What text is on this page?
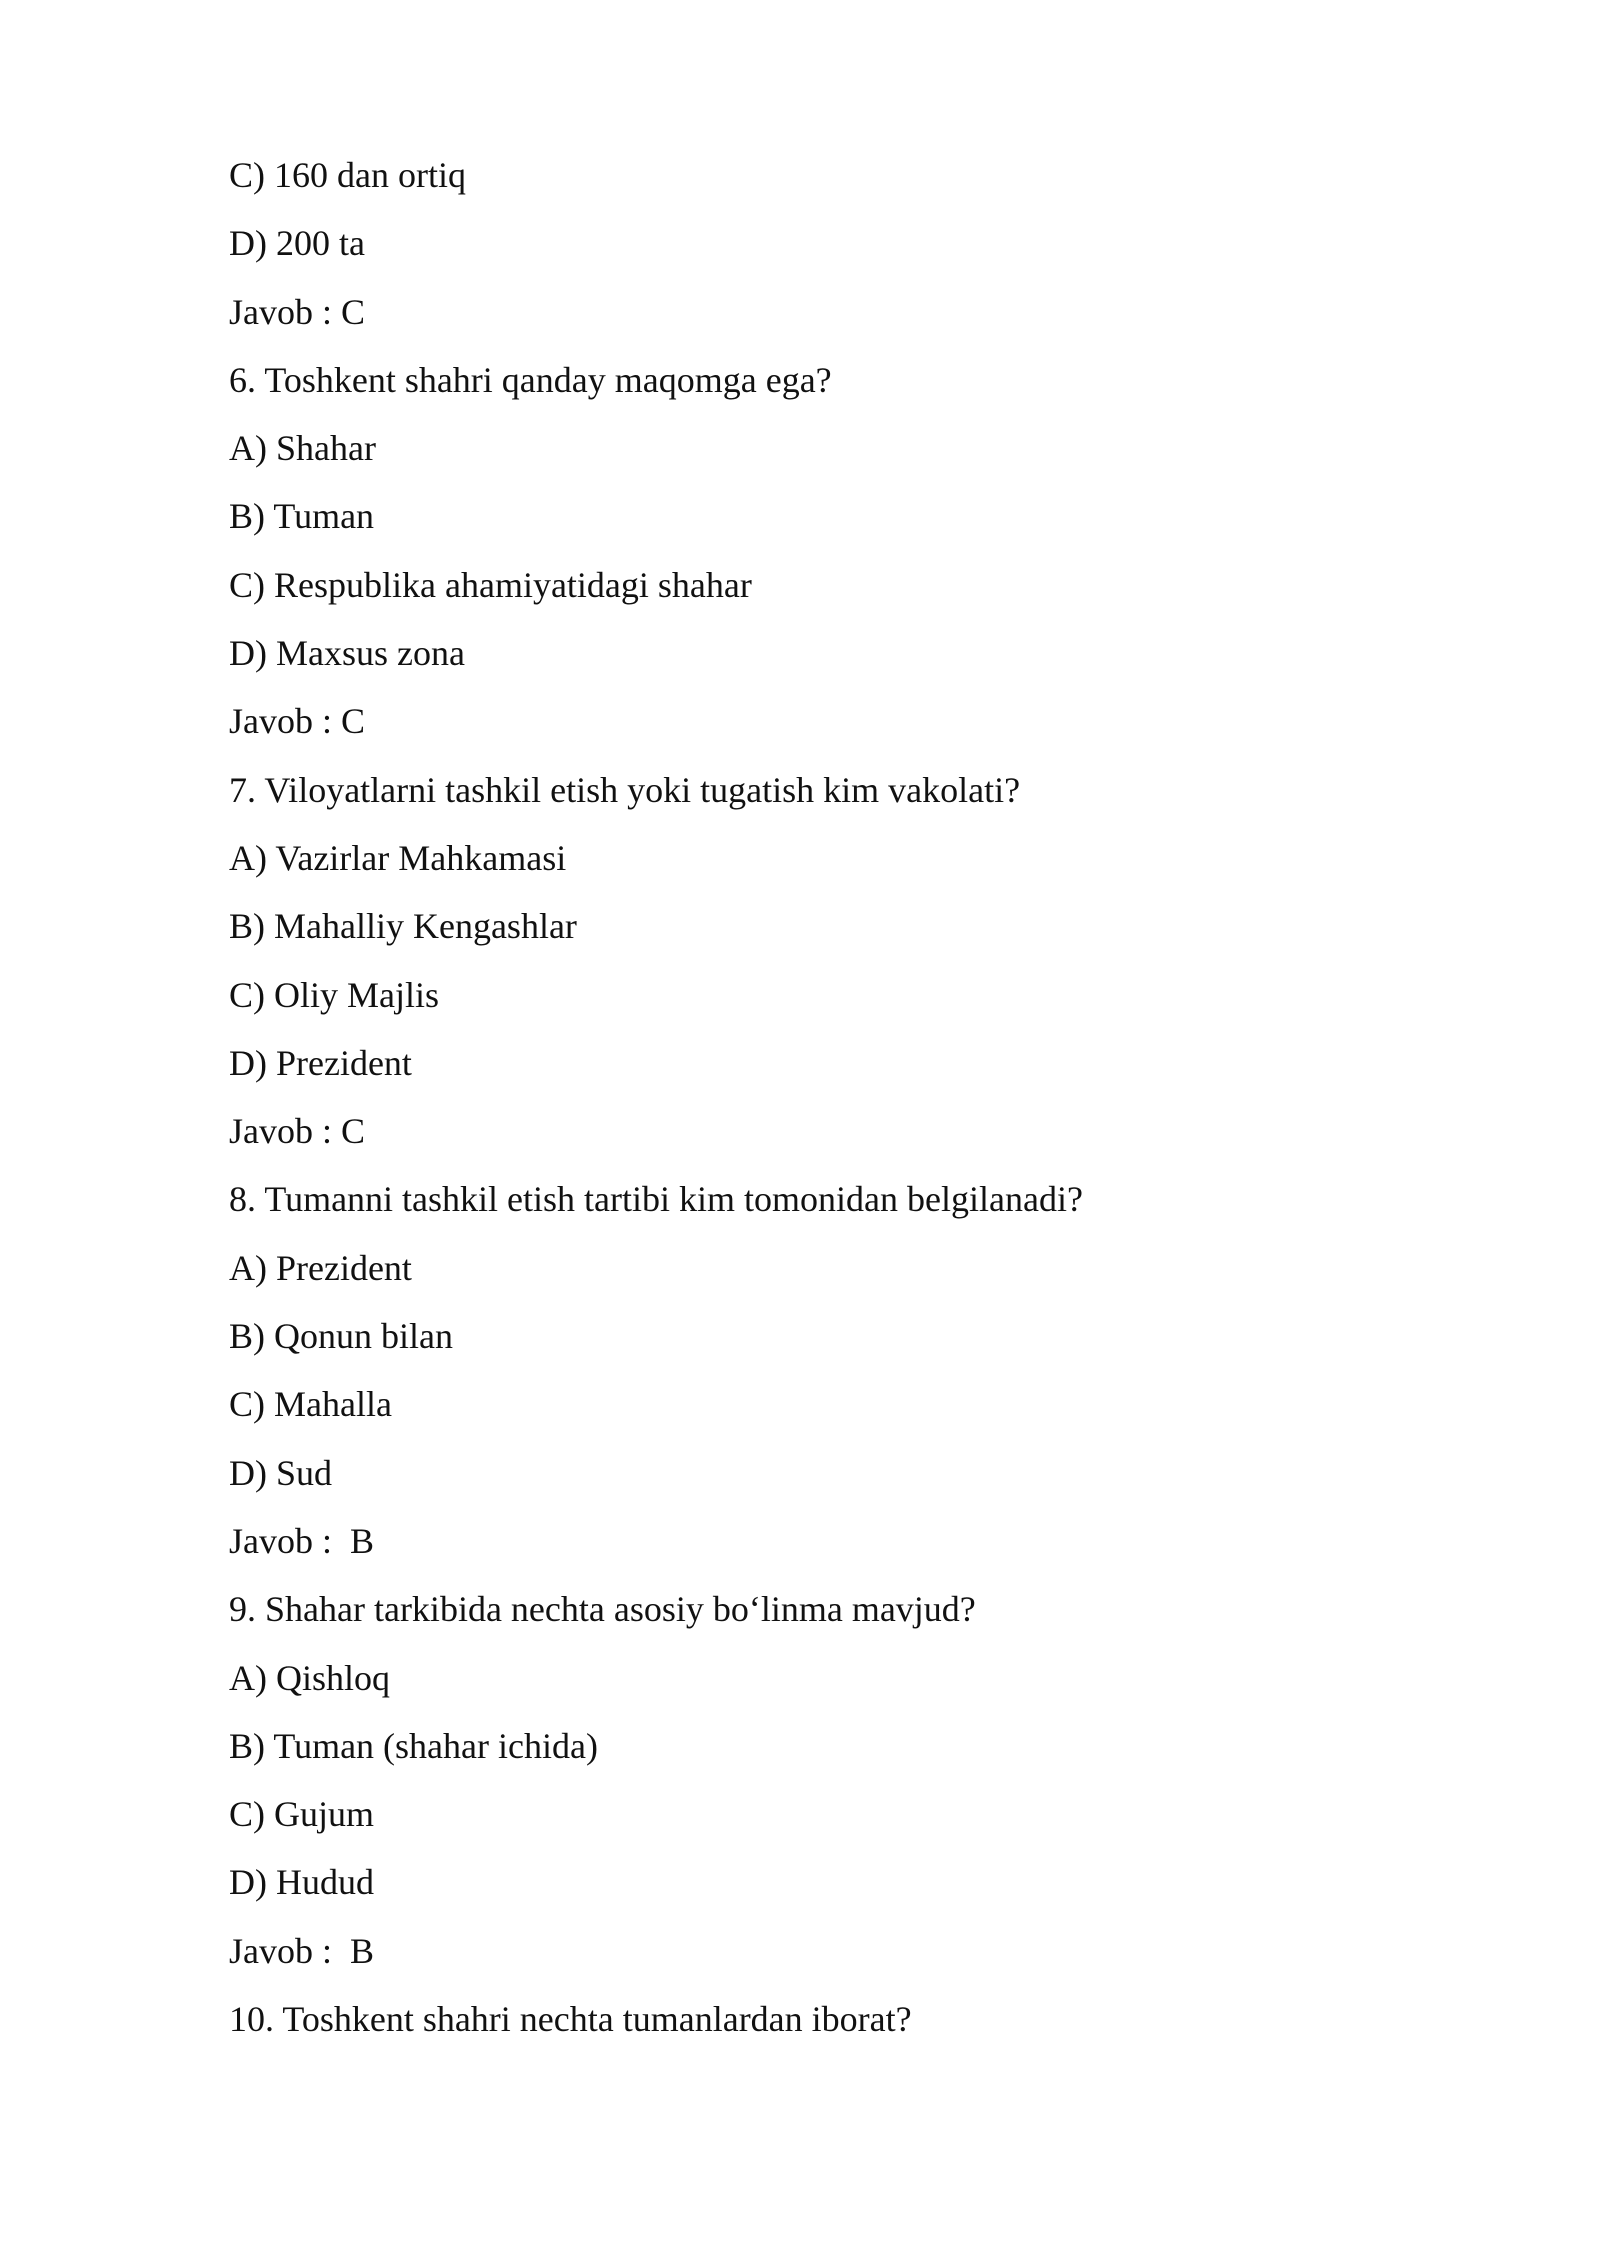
C) 160 dan ortiq

D) 200 ta

Javob : C

6. Toshkent shahri qanday maqomga ega?

A) Shahar

B) Tuman

C) Respublika ahamiyatidagi shahar

D) Maxsus zona

Javob : C

7. Viloyatlarni tashkil etish yoki tugatish kim vakolati?

A) Vazirlar Mahkamasi

B) Mahalliy Kengashlar

C) Oliy Majlis

D) Prezident

Javob : C

8. Tumanni tashkil etish tartibi kim tomonidan belgilanadi?

A) Prezident

B) Qonun bilan

C) Mahalla

D) Sud

Javob :  B

9. Shahar tarkibida nechta asosiy bo‘linma mavjud?

A) Qishloq

B) Tuman (shahar ichida)

C) Gujum

D) Hudud

Javob :  B

10. Toshkent shahri nechta tumanlardan iborat?
